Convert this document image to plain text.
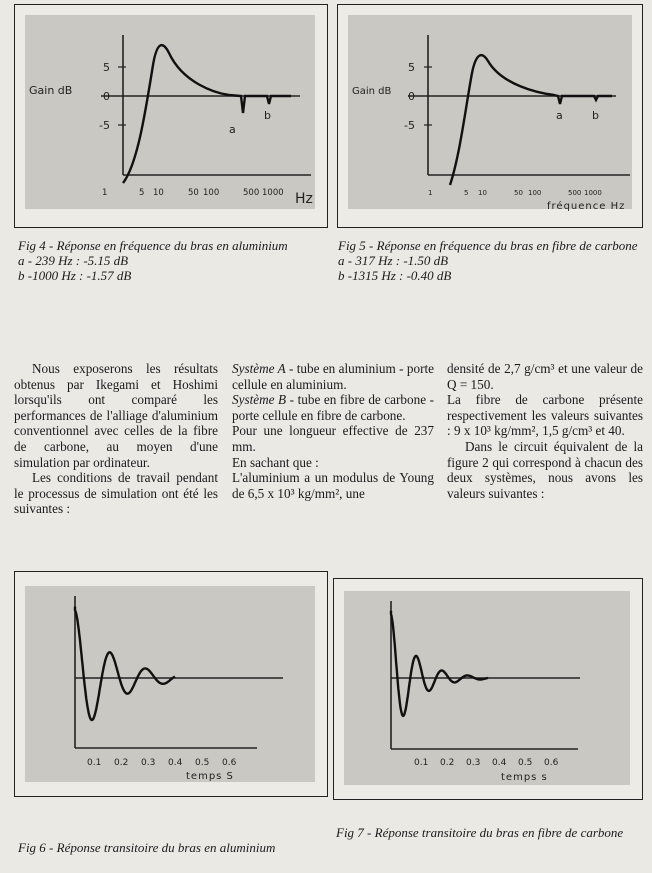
5
0
-5
Gain dB
a
b
1	5 10	50 100	500 1000 Hz
5
0
-5
Gain dB
a	b
1	5 10	50 100	500 1000
fréquence Hz
Fig 4 - Réponse en fréquence du bras en aluminium
a - 239 Hz : -5.15 dB
b -1000 Hz : -1.57 dB
Fig 5 - Réponse en fréquence du bras en fibre de carbone
a - 317 Hz : -1.50 dB
b -1315 Hz : -0.40 dB

Nous exposerons les résultats obtenus par Ikegami et Hoshimi lorsqu'ils ont comparé les performances de l'alliage d'aluminium conventionnel avec celles de la fibre de carbone, au moyen d'une simulation par ordinateur.

Les conditions de travail pendant le processus de simulation ont été les suivantes :

Système A - tube en aluminium - porte cellule en aluminium.

Système B - tube en fibre de carbone - porte cellule en fibre de carbone.

Pour une longueur effective de 237 mm.

En sachant que :

L'aluminium a un modulus de Young de 6,5 x 10³ kg/mm², une

densité de 2,7 g/cm³ et une valeur de Q = 150.

La fibre de carbone présente respectivement les valeurs suivantes : 9 x 10³ kg/mm², 1,5 g/cm³ et 40.

Dans le circuit équivalent de la figure 2 qui correspond à chacun des deux systèmes, nous avons les valeurs suivantes :

0.1 0.2 0.3 0.4 0.5 0.6
temps S
0.1 0.2 0.3 0.4 0.5 0.6
temps s
Fig 6 - Réponse transitoire du bras en aluminium
Fig 7 - Réponse transitoire du bras en fibre de carbone
